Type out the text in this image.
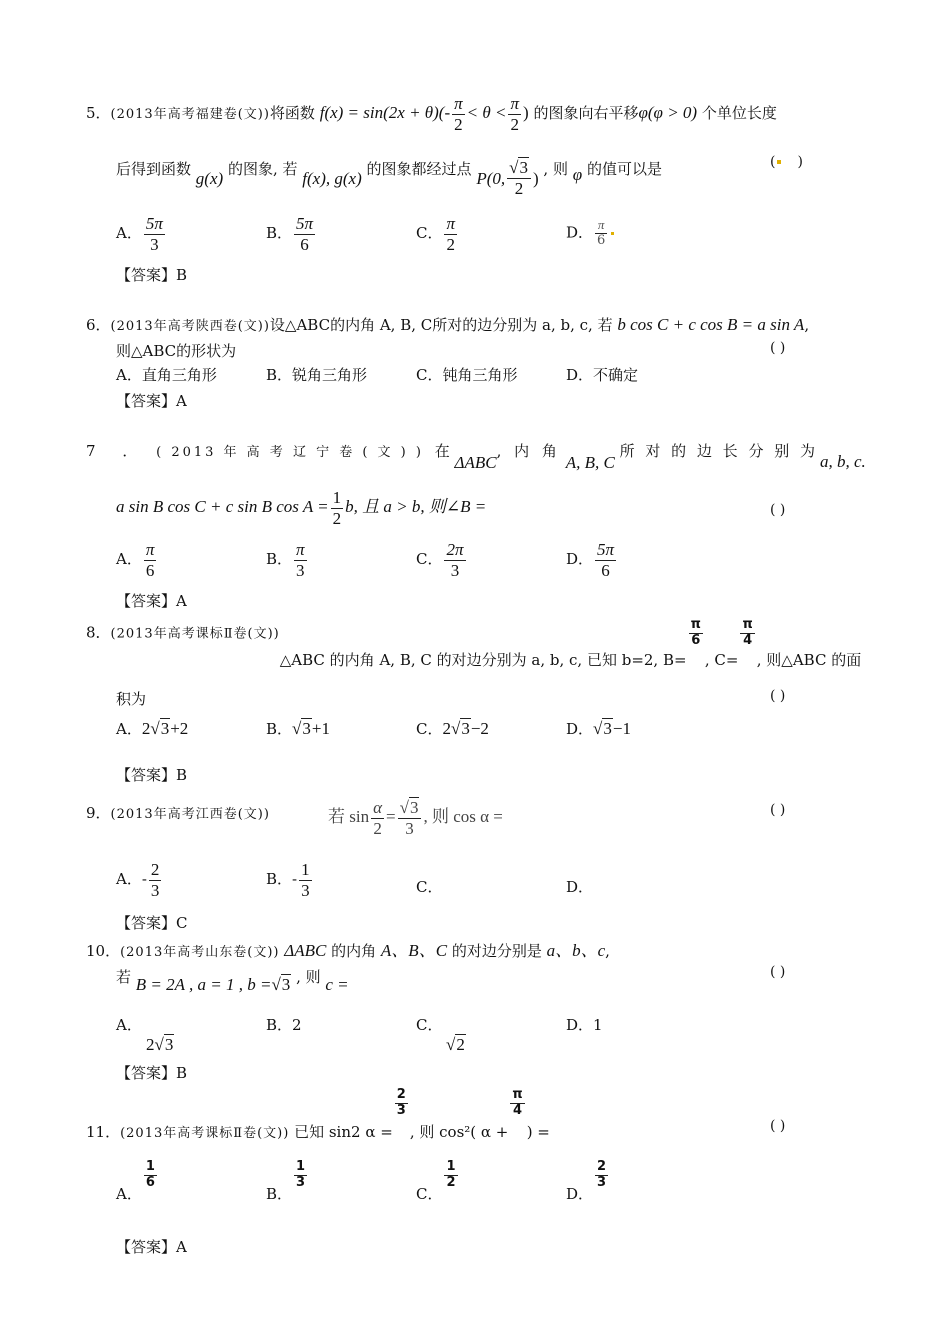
5．(2013年高考福建卷(文))将函数 $f(x) = \sin(2x + \theta)(- \frac{\pi}{2} < \theta < \frac{\pi}{2}$ ) 的图象向右平移φ(φ > 0) 个单位长度
后得到函数 g(x) 的图象, 若 f(x), g(x) 的图象都经过点 P(0, $\frac{√3}{2}$ ) , 则 φ 的值可以是	( )
A． $\frac{5\pi}{3}$	B． $\frac{5\pi}{6}$	C． $\frac{\pi}{2}$	D． $\frac{\pi}{6}$
【答案】B
6．(2013年高考陕西卷(文))设△ABC的内角 A, B, C所对的边分别为 a, b, c, 若 b cos C + c cos B = a sin A,
则△ABC的形状为	( )
A．直角三角形	B．锐角三角形	C．钝角三角形	D．不确定
【答案】A
7 ． ( 2013 年 高 考 辽 宁 卷 ( 文 ) ) 在 ΔABC, 内 角 A, B, C 所 对 的 边 长 分 别 为
a, b, c.
a sin B cos C + c sin B $\cos A = \frac{1}{2} b$, 且 a > b, 则∠B =	( )
A． $\frac{\pi}{6}$	B． $\frac{\pi}{3}$	C． $\frac{2\pi}{3}$	D． $\frac{5\pi}{6}$
【答案】A
8．(2013年高考课标Ⅱ卷(文))△ABC 的内角 A, B, C 的对边分别为 a, b, c, 已知 b=2, B=
$\frac{\pi}{6}$
, C=
$\frac{\pi}{4}$
, 则△ABC 的面
积为	( )
A．2√3+2	B．√3+1	C．2√3−2	D．√3−1
【答案】B
9．(2013年高考江西卷(文))	若 $\sin \frac{\alpha}{2} = \frac{√3}{3}$ , 则 cos α =	( )
A．- $\frac{2}{3}$	B．- $\frac{1}{3}$	C．	D．
【答案】C
10．(2013年高考山东卷(文)) ΔABC 的内角 A、B、C 的对边分别是 a、b、c,
若 B = 2A , a = 1 , b =√3 , 则 c =
( )
A．
2√3
B．2	C．
√2
D．1
【答案】B
11．(2013年高考课标Ⅱ卷(文)) 已知 sin2 α =
$\frac{2}{3}$
, 则 cos²( α +
$\frac{\pi}{4}$
) =	( )
A．
$\frac{1}{6}$
B．
$\frac{1}{3}$
C．
$\frac{1}{2}$
D．
$\frac{2}{3}$
【答案】A
